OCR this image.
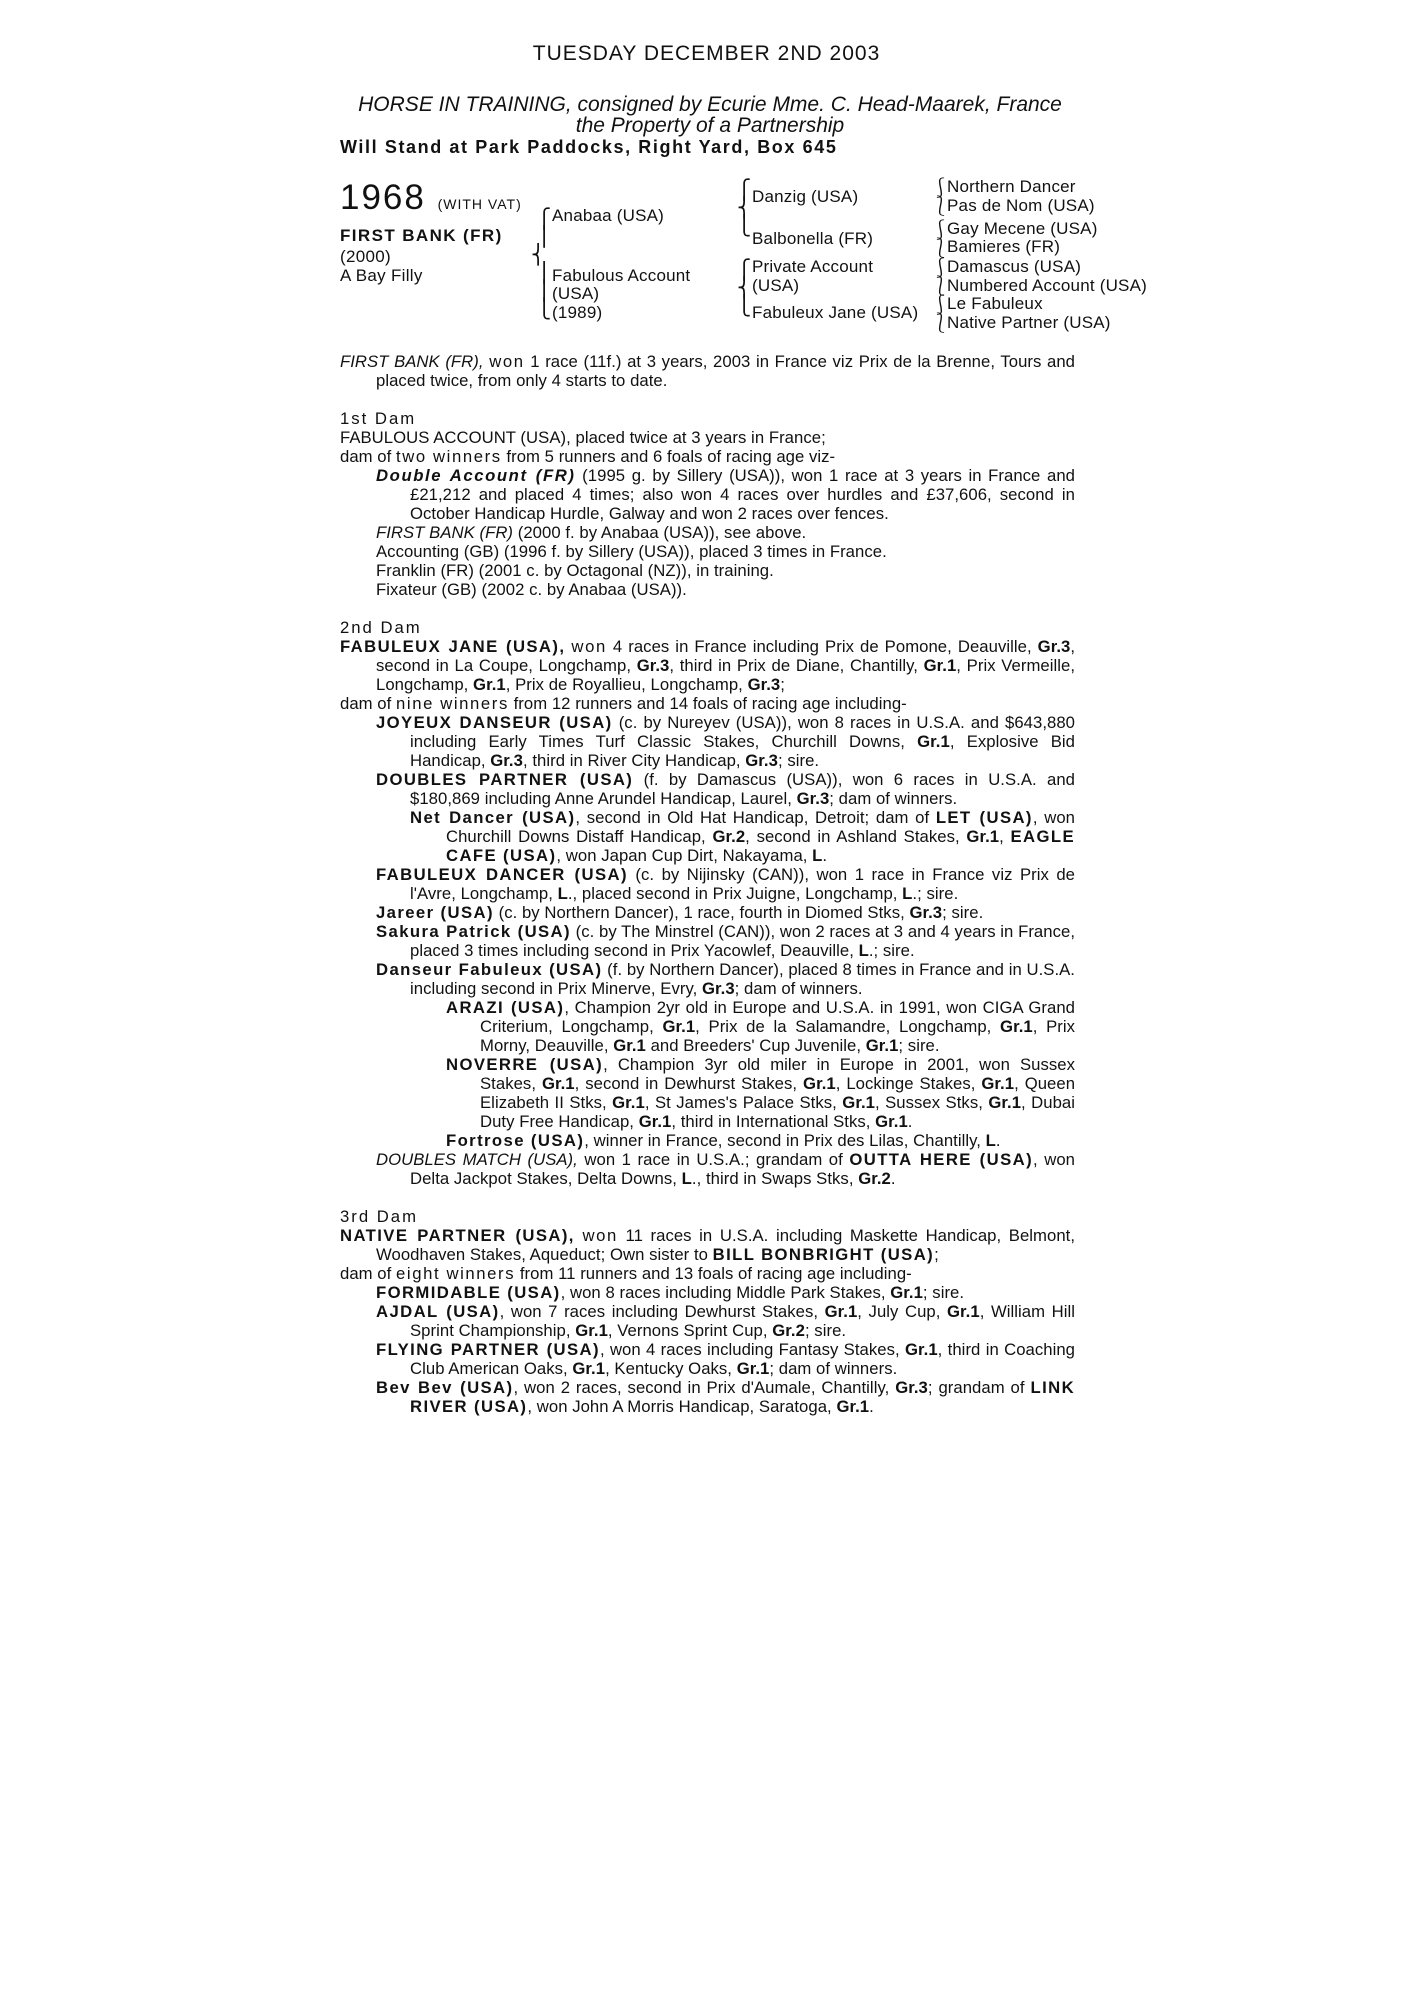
TUESDAY DECEMBER 2ND 2003
HORSE IN TRAINING, consigned by Ecurie Mme. C. Head-Maarek, France
the Property of a Partnership
Will Stand at Park Paddocks, Right Yard, Box 645
1968 (WITH VAT)
FIRST BANK (FR)
(2000)
A Bay Filly
⎧
⎪
⎨
⎪
⎪
⎩
Anabaa (USA)
Fabulous Account
(USA)
(1989)
⎧
⎨
⎩
Danzig (USA)
Balbonella (FR)
⎧
⎨
⎩
Private Account
(USA)
Fabuleux Jane (USA)
⎰
⎱
Northern Dancer
Pas de Nom (USA)
⎰
⎱
Gay Mecene (USA)
Bamieres (FR)
⎰
⎱
Damascus (USA)
Numbered Account (USA)
⎰
⎱
Le Fabuleux
Native Partner (USA)

FIRST BANK (FR), won 1 race (11f.) at 3 years, 2003 in France viz Prix de la Brenne, Tours and placed twice, from only 4 starts to date.

1st Dam

FABULOUS ACCOUNT (USA), placed twice at 3 years in France;

dam of two winners from 5 runners and 6 foals of racing age viz-

Double Account (FR) (1995 g. by Sillery (USA)), won 1 race at 3 years in France and £21,212 and placed 4 times; also won 4 races over hurdles and £37,606, second in October Handicap Hurdle, Galway and won 2 races over fences.

FIRST BANK (FR) (2000 f. by Anabaa (USA)), see above.

Accounting (GB) (1996 f. by Sillery (USA)), placed 3 times in France.

Franklin (FR) (2001 c. by Octagonal (NZ)), in training.

Fixateur (GB) (2002 c. by Anabaa (USA)).

2nd Dam

FABULEUX JANE (USA), won 4 races in France including Prix de Pomone, Deauville, Gr.3, second in La Coupe, Longchamp, Gr.3, third in Prix de Diane, Chantilly, Gr.1, Prix Vermeille, Longchamp, Gr.1, Prix de Royallieu, Longchamp, Gr.3;

dam of nine winners from 12 runners and 14 foals of racing age including-

JOYEUX DANSEUR (USA) (c. by Nureyev (USA)), won 8 races in U.S.A. and $643,880 including Early Times Turf Classic Stakes, Churchill Downs, Gr.1, Explosive Bid Handicap, Gr.3, third in River City Handicap, Gr.3; sire.

DOUBLES PARTNER (USA) (f. by Damascus (USA)), won 6 races in U.S.A. and $180,869 including Anne Arundel Handicap, Laurel, Gr.3; dam of winners.

Net Dancer (USA), second in Old Hat Handicap, Detroit; dam of LET (USA), won Churchill Downs Distaff Handicap, Gr.2, second in Ashland Stakes, Gr.1, EAGLE CAFE (USA), won Japan Cup Dirt, Nakayama, L.

FABULEUX DANCER (USA) (c. by Nijinsky (CAN)), won 1 race in France viz Prix de l'Avre, Longchamp, L., placed second in Prix Juigne, Longchamp, L.; sire.

Jareer (USA) (c. by Northern Dancer), 1 race, fourth in Diomed Stks, Gr.3; sire.

Sakura Patrick (USA) (c. by The Minstrel (CAN)), won 2 races at 3 and 4 years in France, placed 3 times including second in Prix Yacowlef, Deauville, L.; sire.

Danseur Fabuleux (USA) (f. by Northern Dancer), placed 8 times in France and in U.S.A. including second in Prix Minerve, Evry, Gr.3; dam of winners.

ARAZI (USA), Champion 2yr old in Europe and U.S.A. in 1991, won CIGA Grand Criterium, Longchamp, Gr.1, Prix de la Salamandre, Longchamp, Gr.1, Prix Morny, Deauville, Gr.1 and Breeders' Cup Juvenile, Gr.1; sire.

NOVERRE (USA), Champion 3yr old miler in Europe in 2001, won Sussex Stakes, Gr.1, second in Dewhurst Stakes, Gr.1, Lockinge Stakes, Gr.1, Queen Elizabeth II Stks, Gr.1, St James's Palace Stks, Gr.1, Sussex Stks, Gr.1, Dubai Duty Free Handicap, Gr.1, third in International Stks, Gr.1.

Fortrose (USA), winner in France, second in Prix des Lilas, Chantilly, L.

DOUBLES MATCH (USA), won 1 race in U.S.A.; grandam of OUTTA HERE (USA), won Delta Jackpot Stakes, Delta Downs, L., third in Swaps Stks, Gr.2.

3rd Dam

NATIVE PARTNER (USA), won 11 races in U.S.A. including Maskette Handicap, Belmont, Woodhaven Stakes, Aqueduct; Own sister to BILL BONBRIGHT (USA);

dam of eight winners from 11 runners and 13 foals of racing age including-

FORMIDABLE (USA), won 8 races including Middle Park Stakes, Gr.1; sire.

AJDAL (USA), won 7 races including Dewhurst Stakes, Gr.1, July Cup, Gr.1, William Hill Sprint Championship, Gr.1, Vernons Sprint Cup, Gr.2; sire.

FLYING PARTNER (USA), won 4 races including Fantasy Stakes, Gr.1, third in Coaching Club American Oaks, Gr.1, Kentucky Oaks, Gr.1; dam of winners.

Bev Bev (USA), won 2 races, second in Prix d'Aumale, Chantilly, Gr.3; grandam of LINK RIVER (USA), won John A Morris Handicap, Saratoga, Gr.1.
